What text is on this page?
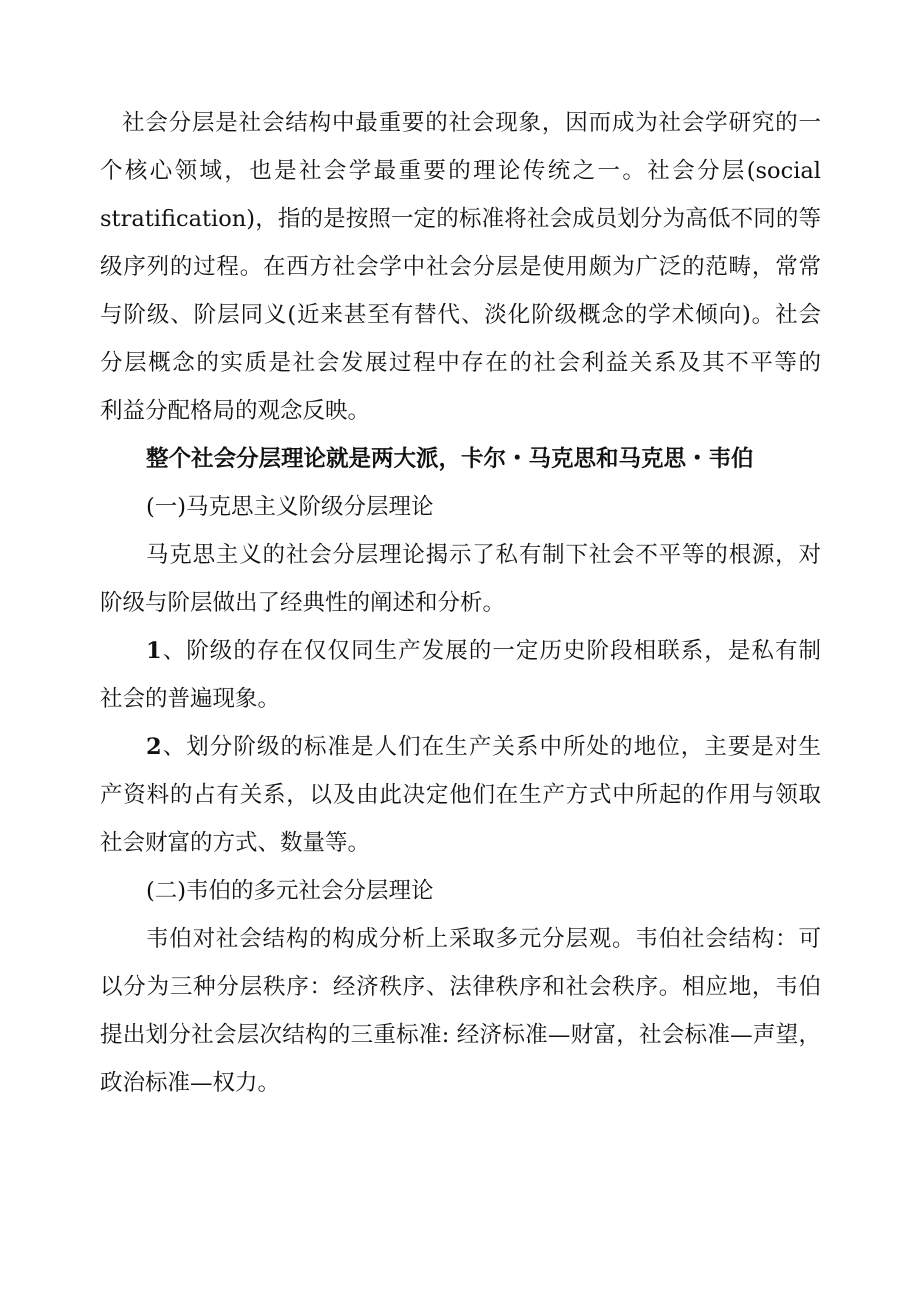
社会分层是社会结构中最重要的社会现象，因而成为社会学研究的一
个核心领域，也是社会学最重要的理论传统之一。社会分层(social
stratification)，指的是按照一定的标准将社会成员划分为高低不同的等
级序列的过程。在西方社会学中社会分层是使用颇为广泛的范畴，常常
与阶级、阶层同义(近来甚至有替代、淡化阶级概念的学术倾向)。社会
分层概念的实质是社会发展过程中存在的社会利益关系及其不平等的
利益分配格局的观念反映。
整个社会分层理论就是两大派，卡尔・马克思和马克思・韦伯
(一)马克思主义阶级分层理论
马克思主义的社会分层理论揭示了私有制下社会不平等的根源，对
阶级与阶层做出了经典性的阐述和分析。
1、阶级的存在仅仅同生产发展的一定历史阶段相联系，是私有制
社会的普遍现象。
2、划分阶级的标准是人们在生产关系中所处的地位，主要是对生
产资料的占有关系，以及由此决定他们在生产方式中所起的作用与领取
社会财富的方式、数量等。
(二)韦伯的多元社会分层理论
韦伯对社会结构的构成分析上采取多元分层观。韦伯社会结构：可
以分为三种分层秩序：经济秩序、法律秩序和社会秩序。相应地，韦伯
提出划分社会层次结构的三重标准: 经济标准—财富，社会标准—声望，
政治标准—权力。
